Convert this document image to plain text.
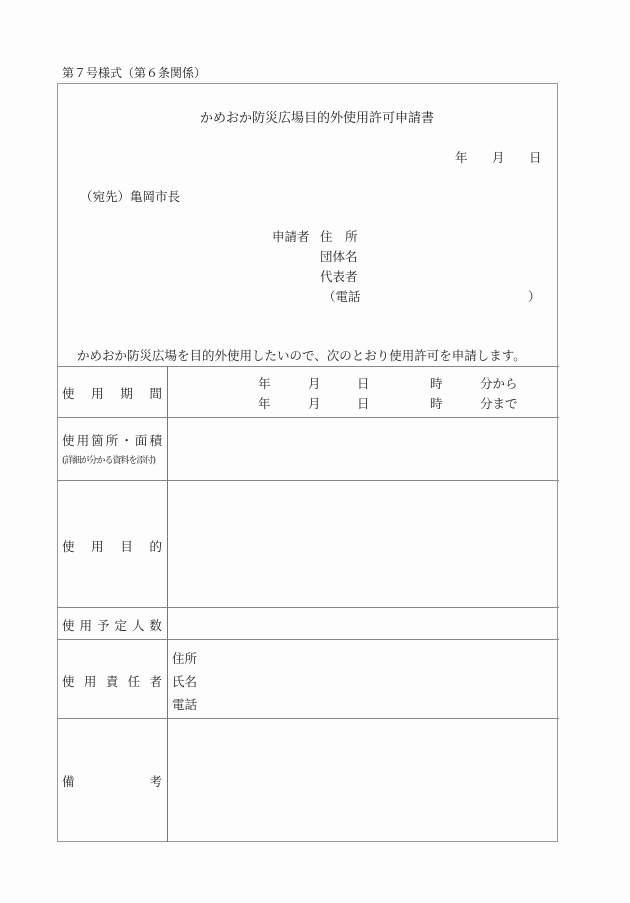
第７号様式（第６条関係）
かめおか防災広場目的外使用許可申請書
年 月 日
（宛先）亀岡市長
申請者 住　所
団体名
代表者
（電話	）
かめおか防災広場を目的外使用したいので、次のとおり使用許可を申請します。
使 用 期 間
年	月	日	時	分から
年	月	日	時	分まで
使 用 箇 所 ・ 面 積
(詳細が分かる資料を添付)
使 用 目 的
使 用 予 定 人 数
使 用 責 任 者
住所
氏名
電話
備	考
